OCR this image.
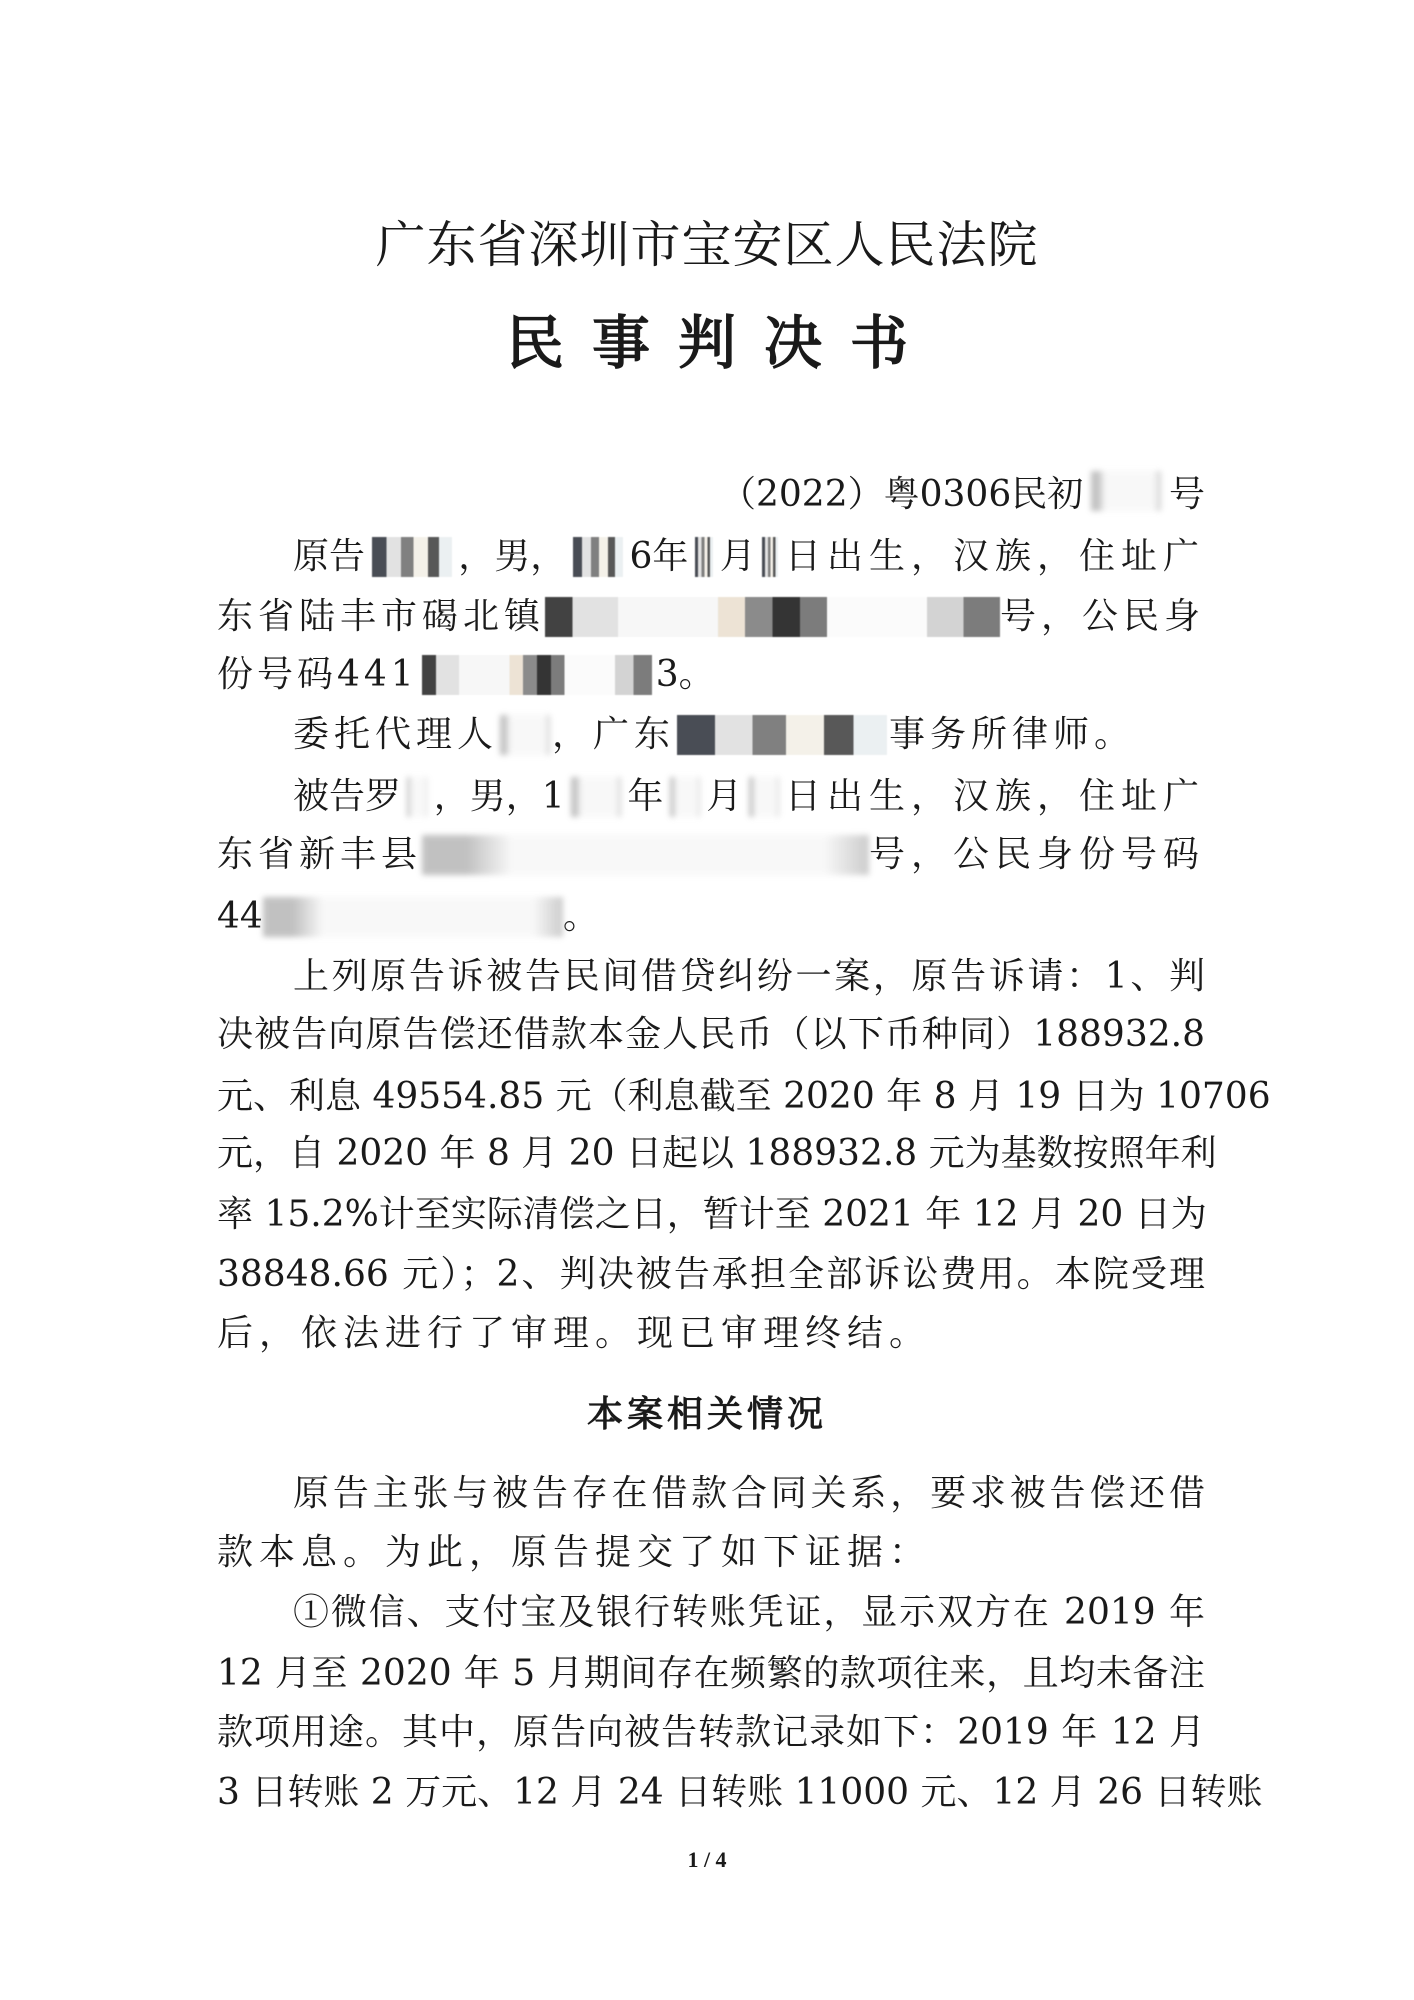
广东省深圳市宝安区人民法院
民事判决书
（2022）粤0306民初 号
原告	，男， 6年 月 日出生，汉族，住址广
东省陆丰市碣北镇	号，公民身
份号码441	3。
委托代理人 ，广东	事务所律师。
被告罗 ，男，1 年 月 日出生，汉族，住址广
东省新丰县	号，公民身份号码
44	。
上列原告诉被告民间借贷纠纷一案，原告诉请：1、判
决被告向原告偿还借款本金人民币（以下币种同）188932.8
元、利息 49554.85 元（利息截至 2020 年 8 月 19 日为 10706
元，自 2020 年 8 月 20 日起以 188932.8 元为基数按照年利
率 15.2%计至实际清偿之日，暂计至 2021 年 12 月 20 日为
38848.66 元）；2、判决被告承担全部诉讼费用。本院受理
后，依法进行了审理。现已审理终结。
本案相关情况
原告主张与被告存在借款合同关系，要求被告偿还借
款本息。为此，原告提交了如下证据：
①微信、支付宝及银行转账凭证，显示双方在 2019 年
12 月至 2020 年 5 月期间存在频繁的款项往来，且均未备注
款项用途。其中，原告向被告转款记录如下：2019 年 12 月
3 日转账 2 万元、12 月 24 日转账 11000 元、12 月 26 日转账
1 / 4
